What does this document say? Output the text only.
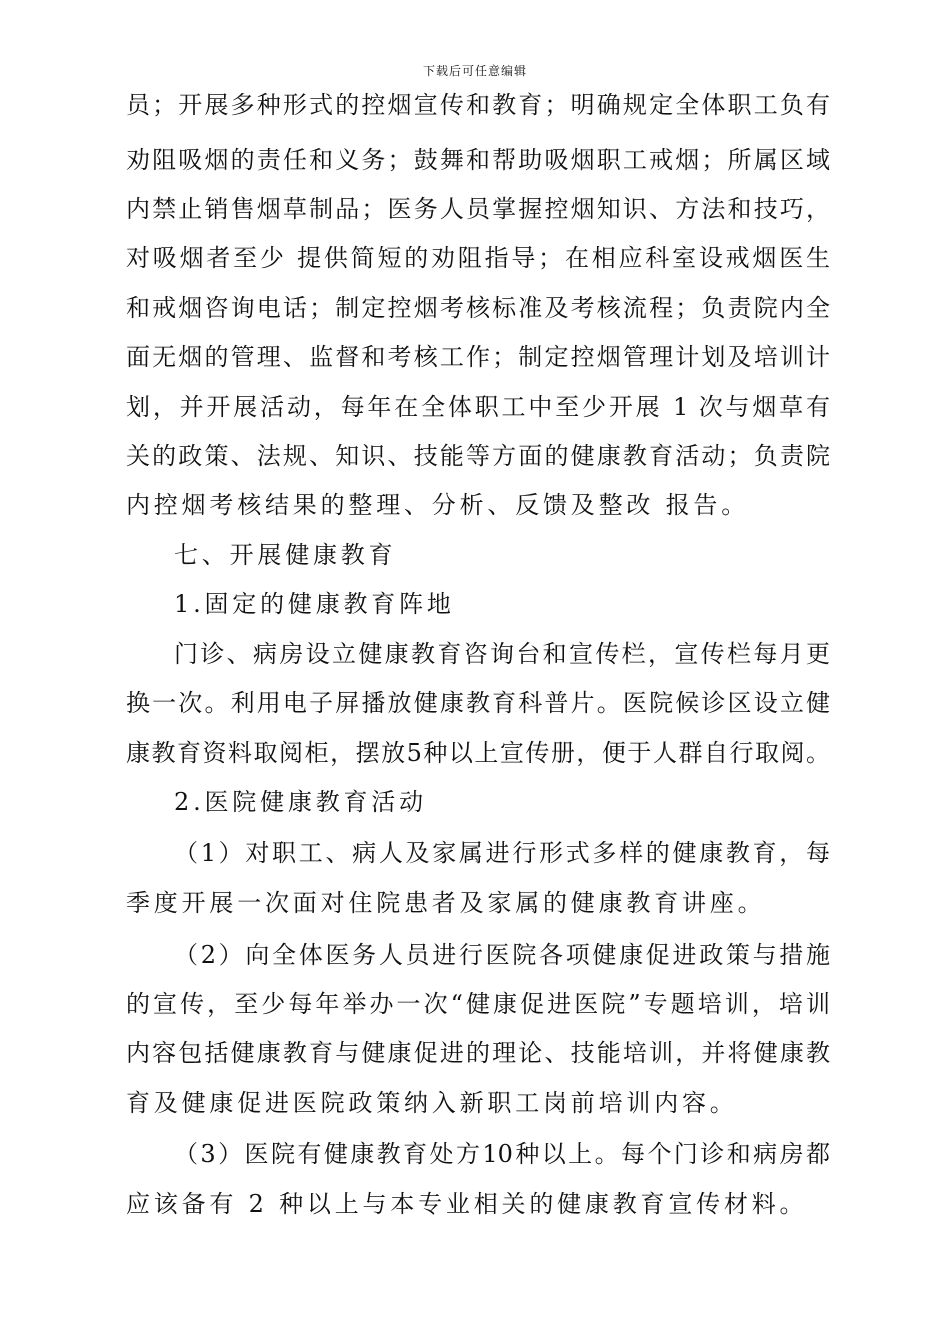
下载后可任意编辑
员；开展多种形式的控烟宣传和教育；明确规定全体职工负有
劝阻吸烟的责任和义务；鼓舞和帮助吸烟职工戒烟；所属区域
内禁止销售烟草制品；医务人员掌握控烟知识、方法和技巧，
对吸烟者至少 提供简短的劝阻指导；在相应科室设戒烟医生
和戒烟咨询电话；制定控烟考核标准及考核流程；负责院内全
面无烟的管理、监督和考核工作；制定控烟管理计划及培训计
划，并开展活动，每年在全体职工中至少开展 1 次与烟草有
关的政策、法规、知识、技能等方面的健康教育活动；负责院
内控烟考核结果的整理、分析、反馈及整改 报告。
七、开展健康教育
1.固定的健康教育阵地
门诊、病房设立健康教育咨询台和宣传栏，宣传栏每月更
换一次。利用电子屏播放健康教育科普片。医院候诊区设立健
康教育资料取阅柜，摆放5种以上宣传册，便于人群自行取阅。
2.医院健康教育活动
（1）对职工、病人及家属进行形式多样的健康教育，每
季度开展一次面对住院患者及家属的健康教育讲座。
（2）向全体医务人员进行医院各项健康促进政策与措施
的宣传，至少每年举办一次“健康促进医院”专题培训，培训
内容包括健康教育与健康促进的理论、技能培训，并将健康教
育及健康促进医院政策纳入新职工岗前培训内容。
（3）医院有健康教育处方10种以上。每个门诊和病房都
应该备有 2 种以上与本专业相关的健康教育宣传材料。
